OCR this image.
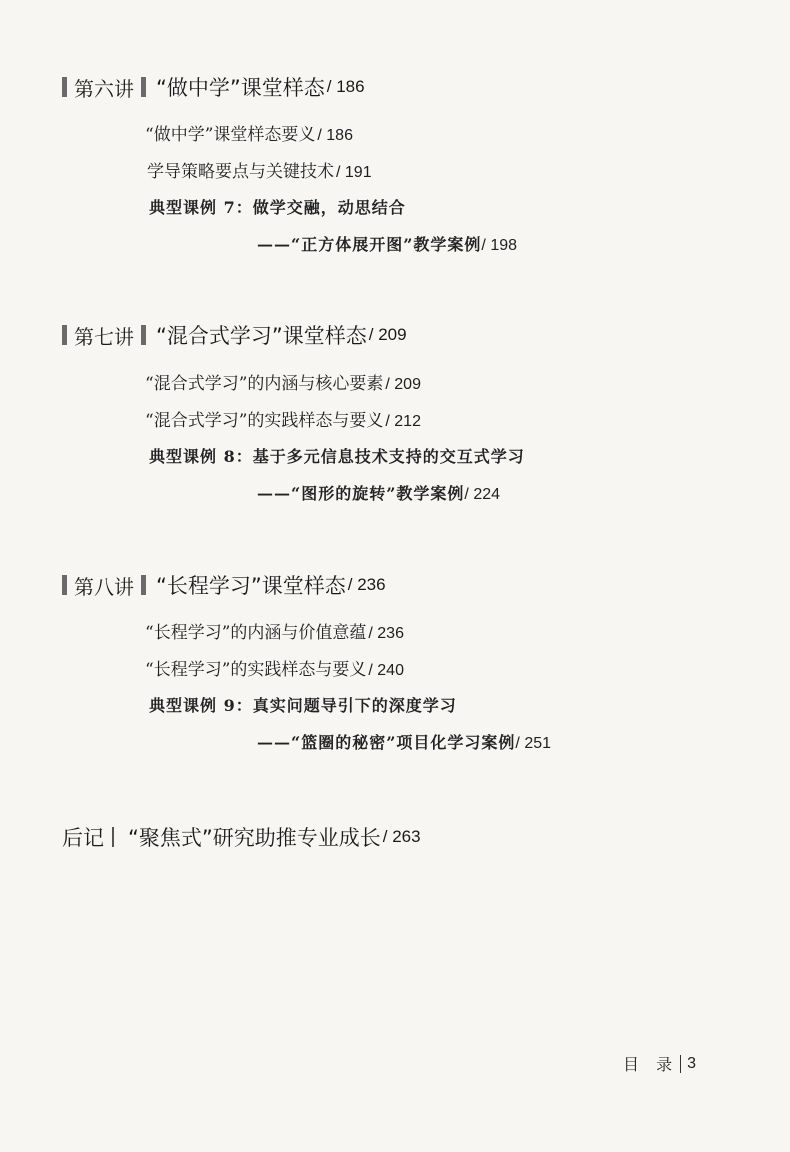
第六讲 “做中学”课堂样态 / 186
“做中学”课堂样态要义 / 186
学导策略要点与关键技术 / 191
典型课例 7：做学交融，动思结合
——“正方体展开图”教学案例/ 198
第七讲 “混合式学习”课堂样态 / 209
“混合式学习”的内涵与核心要素 / 209
“混合式学习”的实践样态与要义 / 212
典型课例 8：基于多元信息技术支持的交互式学习
——“图形的旋转”教学案例/ 224
第八讲 “长程学习”课堂样态 / 236
“长程学习”的内涵与价值意蕴 / 236
“长程学习”的实践样态与要义 / 240
典型课例 9：真实问题导引下的深度学习
——“篮圈的秘密”项目化学习案例/ 251
后记 “聚焦式”研究助推专业成长 / 263
目 录 3
